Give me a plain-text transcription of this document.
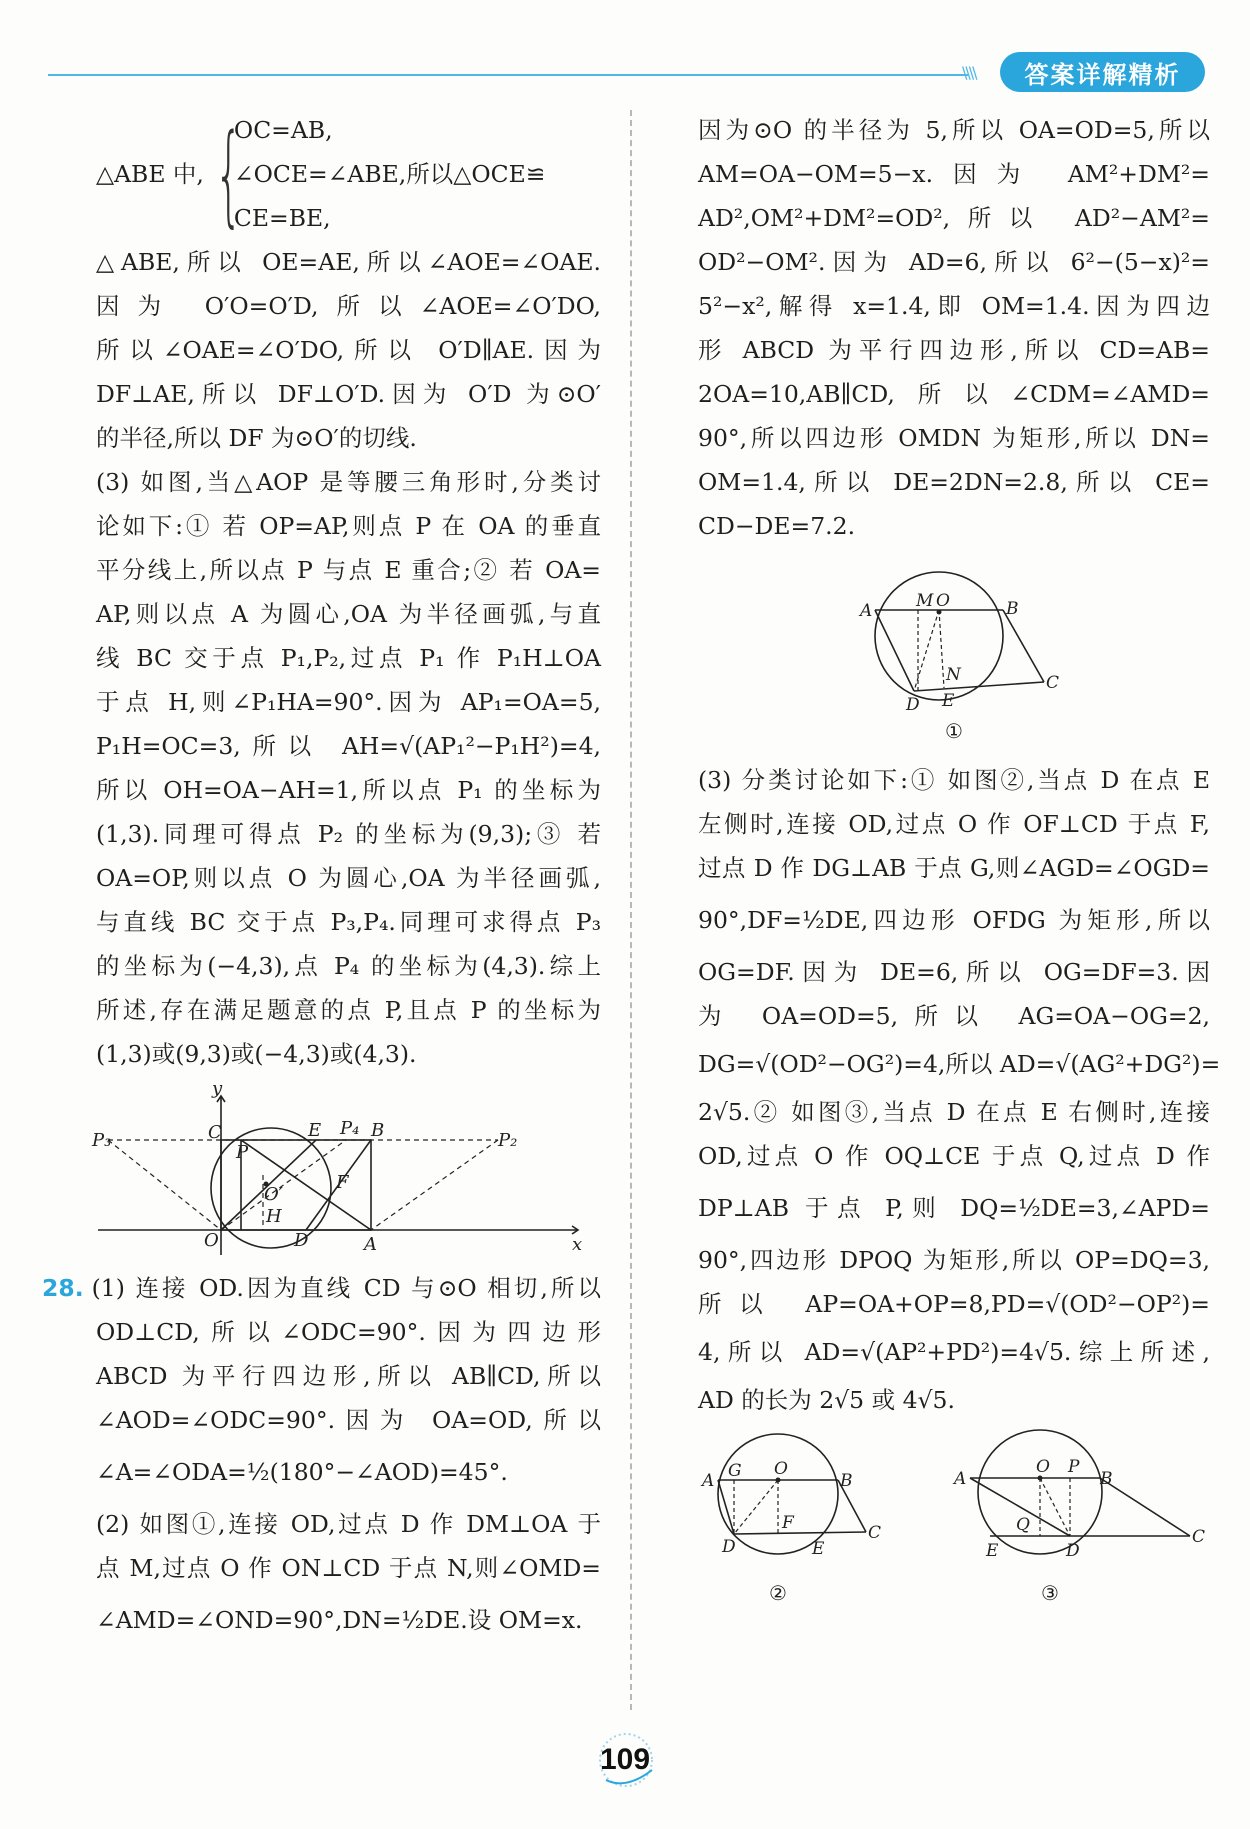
\\\\	答案详解精析
△ABE 中, {
OC=AB,
∠OCE=∠ABE,所以△OCE≌
CE=BE,
△ABE,所以 OE=AE,所以∠AOE=∠OAE.
因为 O′O=O′D,所以∠AOE=∠O′DO,
所以∠OAE=∠O′DO,所以 O′D∥AE.因为
DF⊥AE,所以 DF⊥O′D.因为 O′D 为⊙O′
的半径,所以 DF 为⊙O′的切线.
(3) 如图,当△AOP 是等腰三角形时,分类讨
论如下:① 若 OP=AP,则点 P 在 OA 的垂直
平分线上,所以点 P 与点 E 重合;② 若 OA=
AP,则以点 A 为圆心,OA 为半径画弧,与直
线 BC 交于点 P₁,P₂,过点 P₁ 作 P₁H⊥OA
于点 H,则∠P₁HA=90°.因为 AP₁=OA=5,
P₁H=OC=3,所以 AH=√(AP₁²−P₁H²)=4,
所以 OH=OA−AH=1,所以点 P₁ 的坐标为
(1,3).同理可得点 P₂ 的坐标为(9,3);③ 若
OA=OP,则以点 O 为圆心,OA 为半径画弧,
与直线 BC 交于点 P₃,P₄.同理可求得点 P₃
的坐标为(−4,3),点 P₄ 的坐标为(4,3).综上
所述,存在满足题意的点 P,且点 P 的坐标为
(1,3)或(9,3)或(−4,3)或(4,3).
y
C	E P₄ B
P₃	P₂
P
O′
F
H
O	D	A	x
28. (1) 连接 OD.因为直线 CD 与⊙O 相切,所以
OD⊥CD,所以∠ODC=90°.因为四边形
ABCD 为平行四边形,所以 AB∥CD,所以
∠AOD=∠ODC=90°.因为 OA=OD,所以
∠A=∠ODA=½(180°−∠AOD)=45°.
(2) 如图①,连接 OD,过点 D 作 DM⊥OA 于
点 M,过点 O 作 ON⊥CD 于点 N,则∠OMD=
∠AMD=∠OND=90°,DN=½DE.设 OM=x.
因为⊙O 的半径为 5,所以 OA=OD=5,所以
AM=OA−OM=5−x.因为 AM²+DM²=
AD²,OM²+DM²=OD²,所以 AD²−AM²=
OD²−OM².因为 AD=6,所以 6²−(5−x)²=
5²−x²,解得 x=1.4,即 OM=1.4.因为四边
形 ABCD 为平行四边形,所以 CD=AB=
2OA=10,AB∥CD,所以∠CDM=∠AMD=
90°,所以四边形 OMDN 为矩形,所以 DN=
OM=1.4,所以 DE=2DN=2.8,所以 CE=
CD−DE=7.2.
A	M O	B
N
E
D
C
①
(3) 分类讨论如下:① 如图②,当点 D 在点 E
左侧时,连接 OD,过点 O 作 OF⊥CD 于点 F,
过点 D 作 DG⊥AB 于点 G,则∠AGD=∠OGD=
90°,DF=½DE,四边形 OFDG 为矩形,所以
OG=DF.因为 DE=6,所以 OG=DF=3.因
为 OA=OD=5,所以 AG=OA−OG=2,
DG=√(OD²−OG²)=4,所以 AD=√(AG²+DG²)=
2√5.② 如图③,当点 D 在点 E 右侧时,连接
OD,过点 O 作 OQ⊥CE 于点 Q,过点 D 作
DP⊥AB 于点 P,则 DQ=½DE=3,∠APD=
90°,四边形 DPOQ 为矩形,所以 OP=DQ=3,
所以 AP=OA+OP=8,PD=√(OD²−OP²)=
4,所以 AD=√(AP²+PD²)=4√5.综上所述,
AD 的长为 2√5 或 4√5.
A G O
B
F
D	E
C
②
A
O P
B
Q
E	D
C
③
109
